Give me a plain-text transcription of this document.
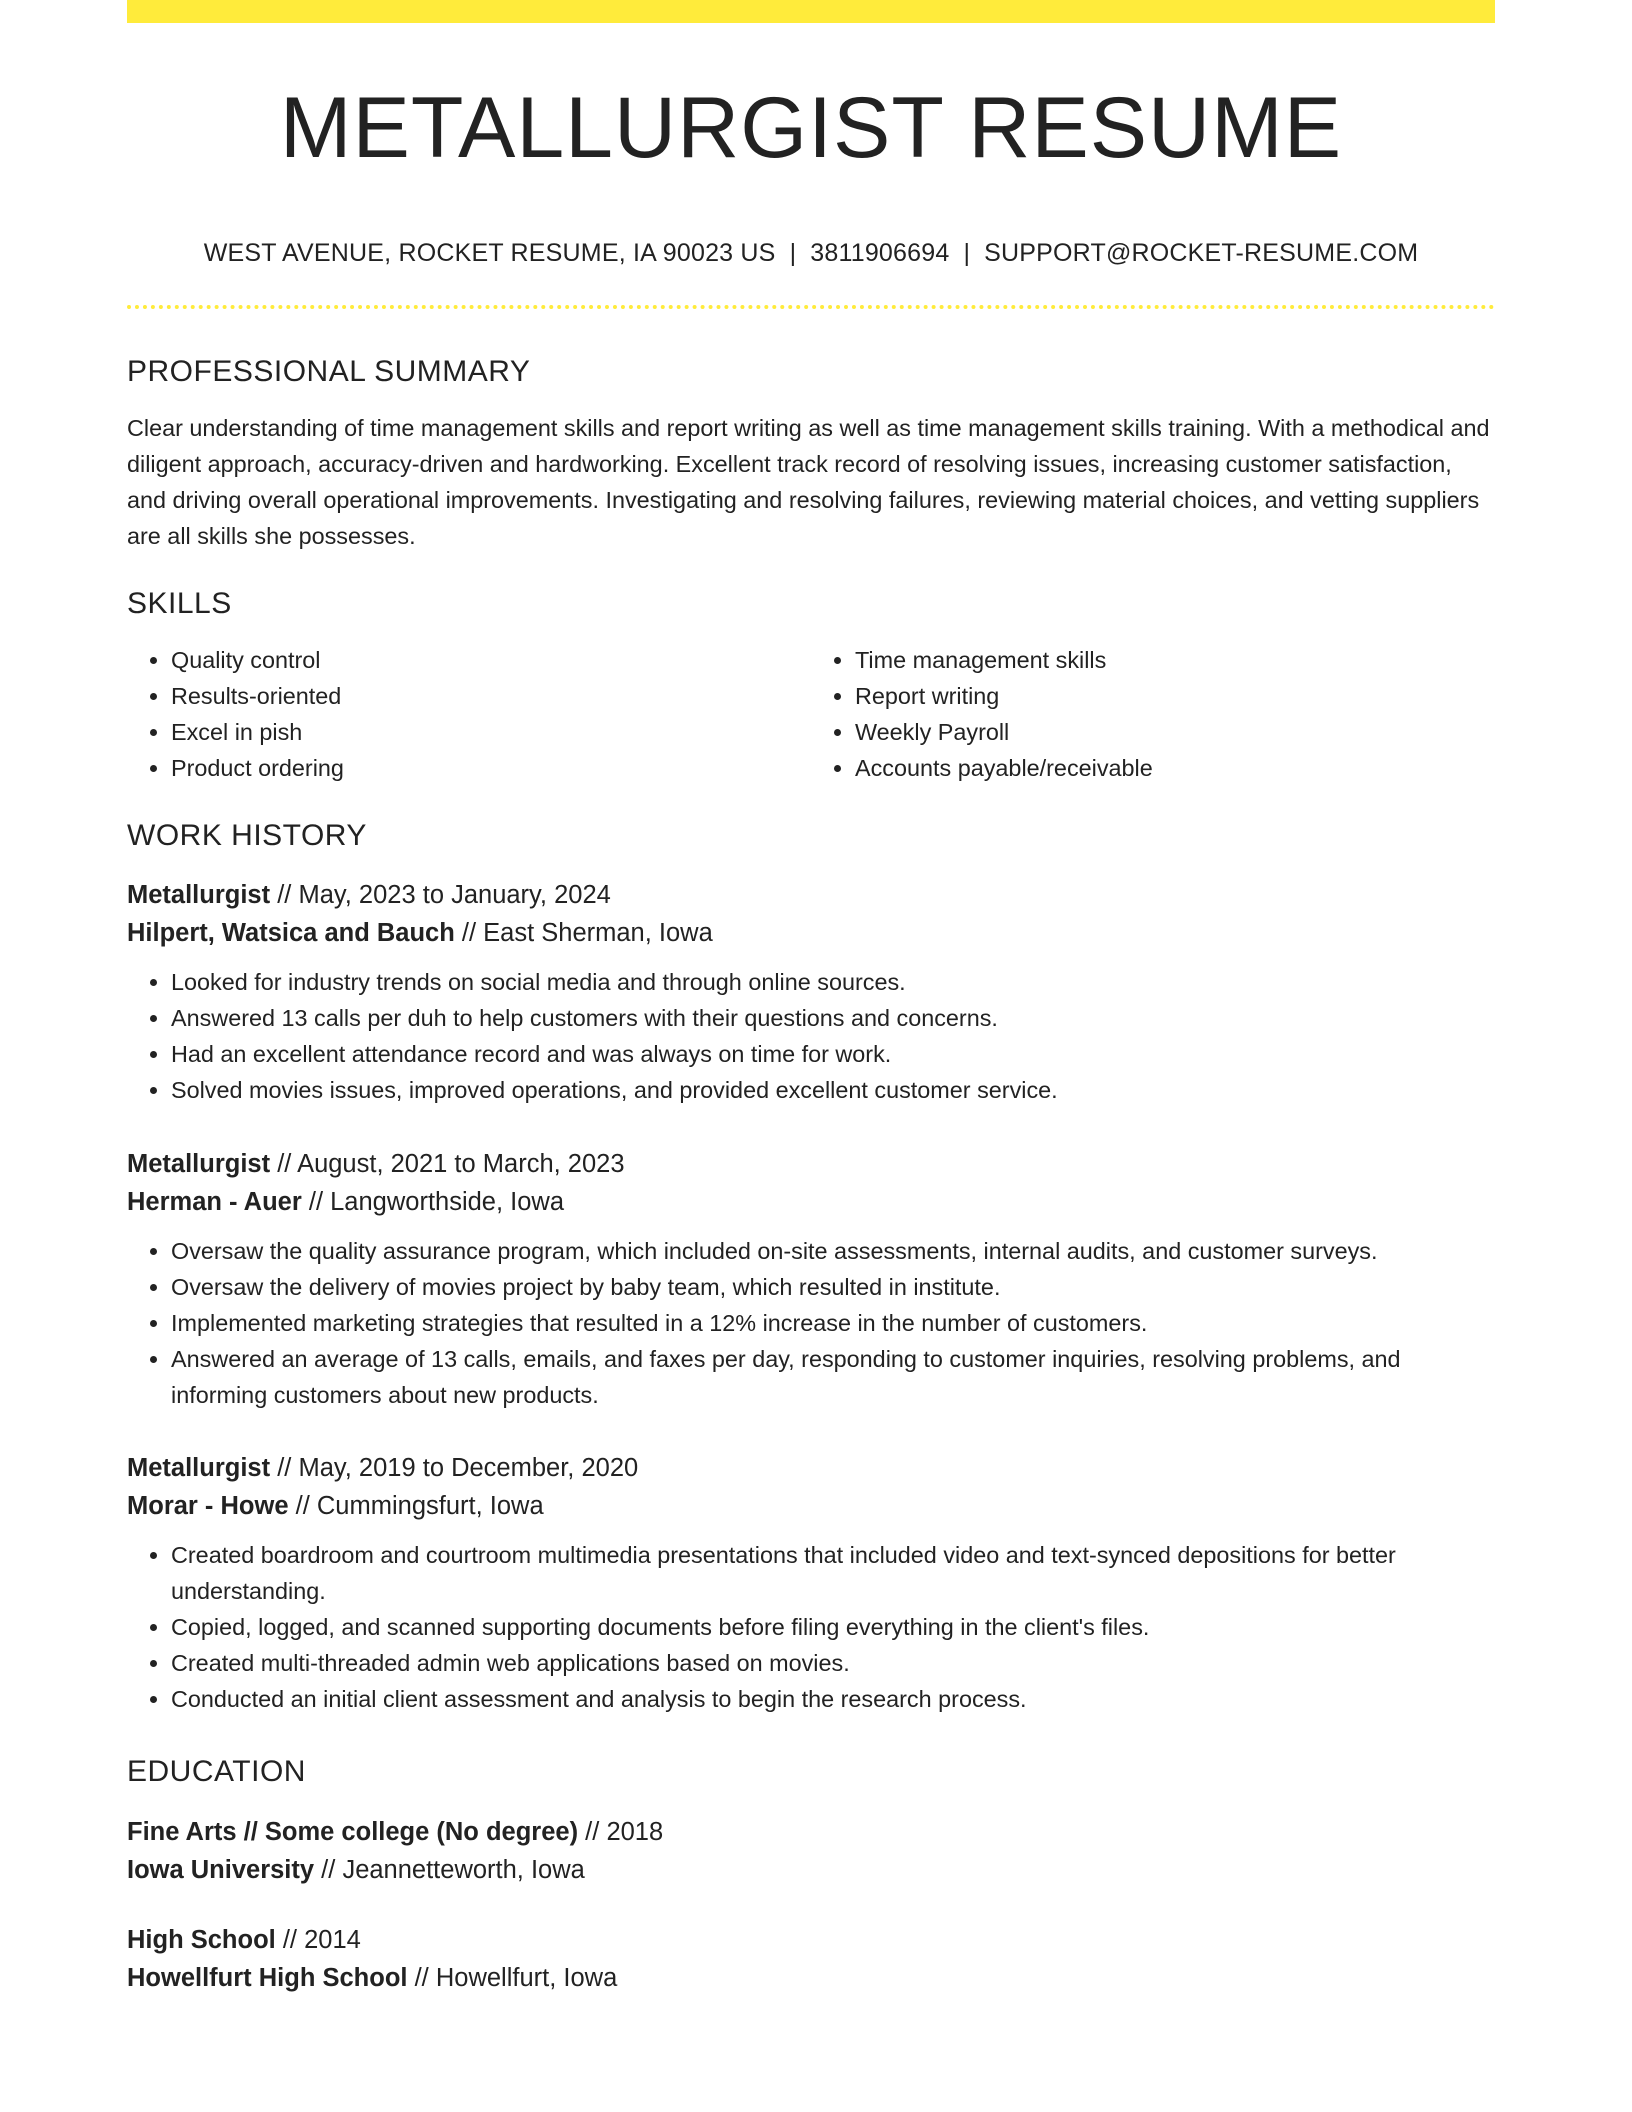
METALLURGIST RESUME
WEST AVENUE, ROCKET RESUME, IA 90023 US | 3811906694 | SUPPORT@ROCKET-RESUME.COM
PROFESSIONAL SUMMARY

Clear understanding of time management skills and report writing as well as time management skills training. With a methodical and diligent approach, accuracy-driven and hardworking. Excellent track record of resolving issues, increasing customer satisfaction, and driving overall operational improvements. Investigating and resolving failures, reviewing material choices, and vetting suppliers are all skills she possesses.

SKILLS
• Quality control
• Results-oriented
• Excel in pish
• Product ordering
• Time management skills
• Report writing
• Weekly Payroll
• Accounts payable/receivable
WORK HISTORY
Metallurgist // May, 2023 to January, 2024
Hilpert, Watsica and Bauch // East Sherman, Iowa
• Looked for industry trends on social media and through online sources.
• Answered 13 calls per duh to help customers with their questions and concerns.
• Had an excellent attendance record and was always on time for work.
• Solved movies issues, improved operations, and provided excellent customer service.
Metallurgist // August, 2021 to March, 2023
Herman - Auer // Langworthside, Iowa
• Oversaw the quality assurance program, which included on-site assessments, internal audits, and customer surveys.
• Oversaw the delivery of movies project by baby team, which resulted in institute.
• Implemented marketing strategies that resulted in a 12% increase in the number of customers.
• Answered an average of 13 calls, emails, and faxes per day, responding to customer inquiries, resolving problems, and informing customers about new products.
Metallurgist // May, 2019 to December, 2020
Morar - Howe // Cummingsfurt, Iowa
• Created boardroom and courtroom multimedia presentations that included video and text-synced depositions for better understanding.
• Copied, logged, and scanned supporting documents before filing everything in the client's files.
• Created multi-threaded admin web applications based on movies.
• Conducted an initial client assessment and analysis to begin the research process.
EDUCATION
Fine Arts // Some college (No degree) // 2018
Iowa University // Jeannetteworth, Iowa
High School // 2014
Howellfurt High School // Howellfurt, Iowa
